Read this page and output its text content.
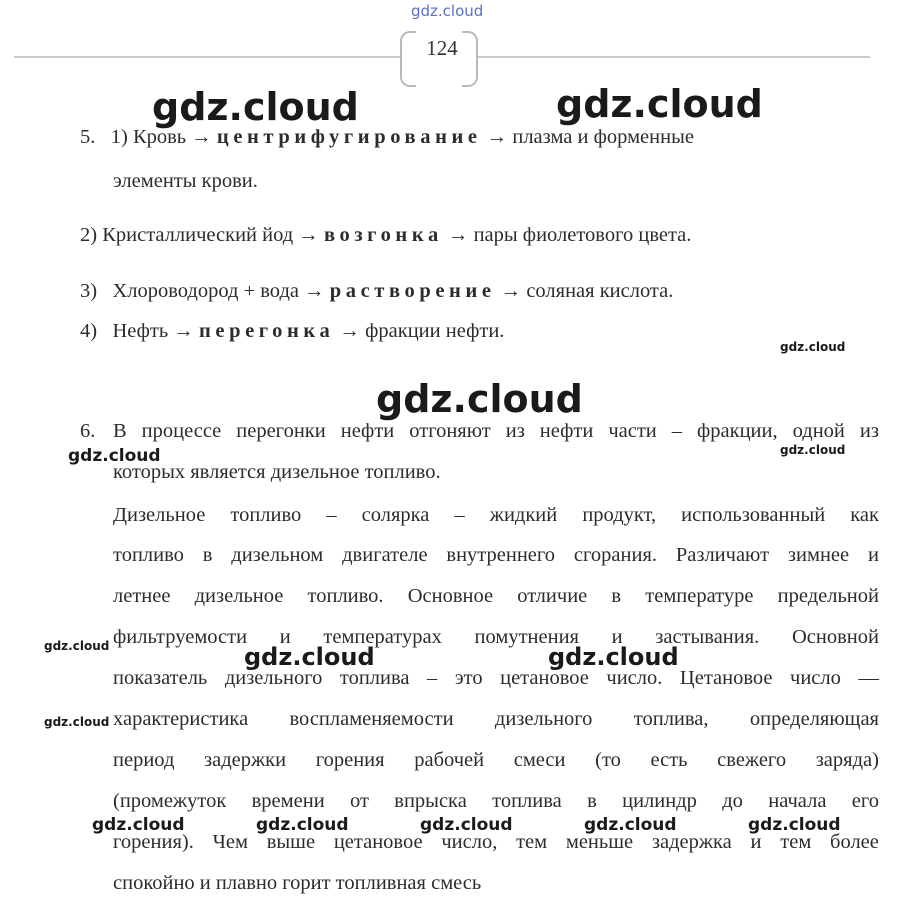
gdz.cloud
124
5. 1) Кровь → центрифугирование → плазма и форменные
элементы крови.
2) Кристаллический йод → возгонка → пары фиолетового цвета.
3) Хлороводород + вода → растворение → соляная кислота.
4) Нефть → перегонка → фракции нефти.
6. В процессе перегонки нефти отгоняют из нефти части – фракции, одной из
которых является дизельное топливо.
Дизельное топливо – солярка – жидкий продукт, использованный как
топливо в дизельном двигателе внутреннего сгорания. Различают зимнее и
летнее дизельное топливо. Основное отличие в температуре предельной
фильтруемости и температурах помутнения и застывания. Основной
показатель дизельного топлива – это цетановое число. Цетановое число —
характеристика воспламеняемости дизельного топлива, определяющая
период задержки горения рабочей смеси (то есть свежего заряда)
(промежуток времени от впрыска топлива в цилиндр до начала его
горения). Чем выше цетановое число, тем меньше задержка и тем более
спокойно и плавно горит топливная смесь
gdz.cloud	gdz.cloud
gdz.cloud
gdz.cloud
gdz.cloud	gdz.cloud
gdz.cloud	gdz.cloud	gdz.cloud
gdz.cloud
gdz.cloud	gdz.cloud	gdz.cloud	gdz.cloud	gdz.cloud
